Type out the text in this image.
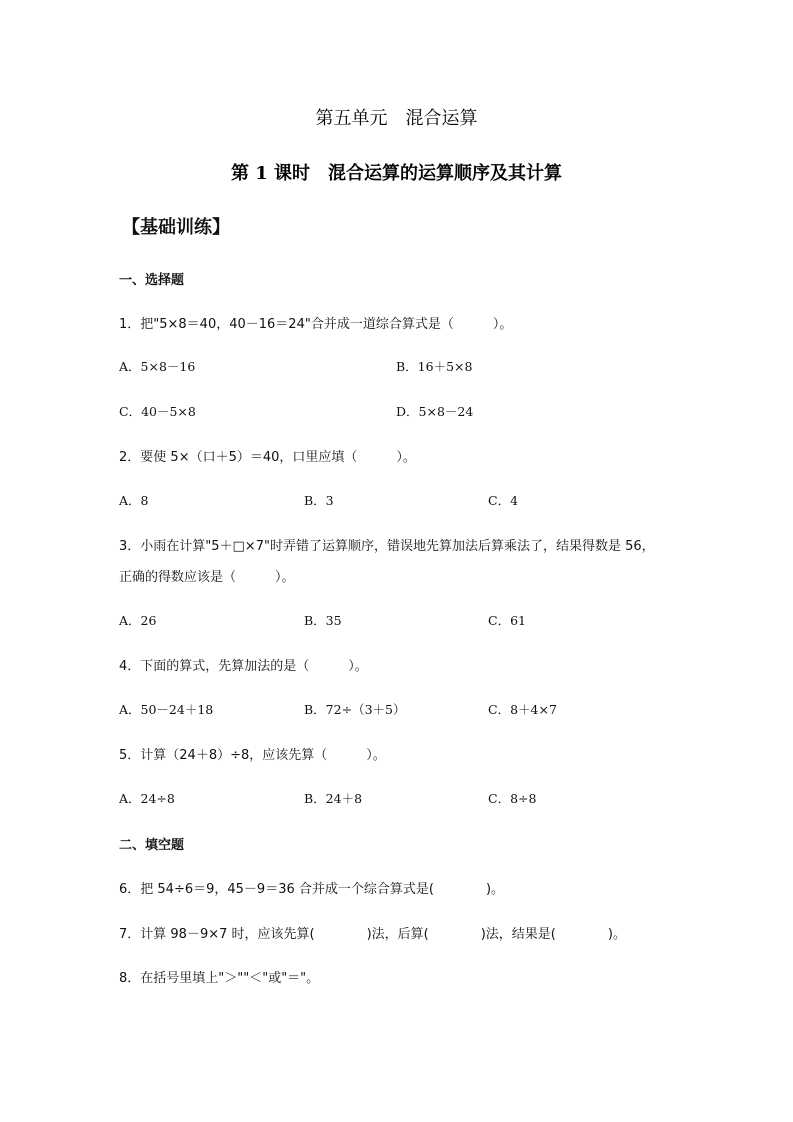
第五单元　混合运算
第 1 课时　混合运算的运算顺序及其计算
【基础训练】
一、选择题
1．把"5×8＝40，40－16＝24"合并成一道综合算式是（　　　）。
A．5×8－16	B．16＋5×8
C．40－5×8	D．5×8－24
2．要使 5×（口＋5）＝40，口里应填（　　　）。
A．8	B．3	C．4
3．小雨在计算"5＋□×7"时弄错了运算顺序，错误地先算加法后算乘法了，结果得数是 56，
正确的得数应该是（　　　）。
A．26	B．35	C．61
4．下面的算式，先算加法的是（　　　）。
A．50－24＋18	B．72÷（3＋5）	C．8＋4×7
5．计算（24＋8）÷8，应该先算（　　　）。
A．24÷8	B．24＋8	C．8÷8
二、填空题
6．把 54÷6＝9，45－9＝36 合并成一个综合算式是(　　　　)。
7．计算 98－9×7 时，应该先算(　　　　)法，后算(　　　　)法，结果是(　　　　)。
8．在括号里填上"＞""＜"或"＝"。
